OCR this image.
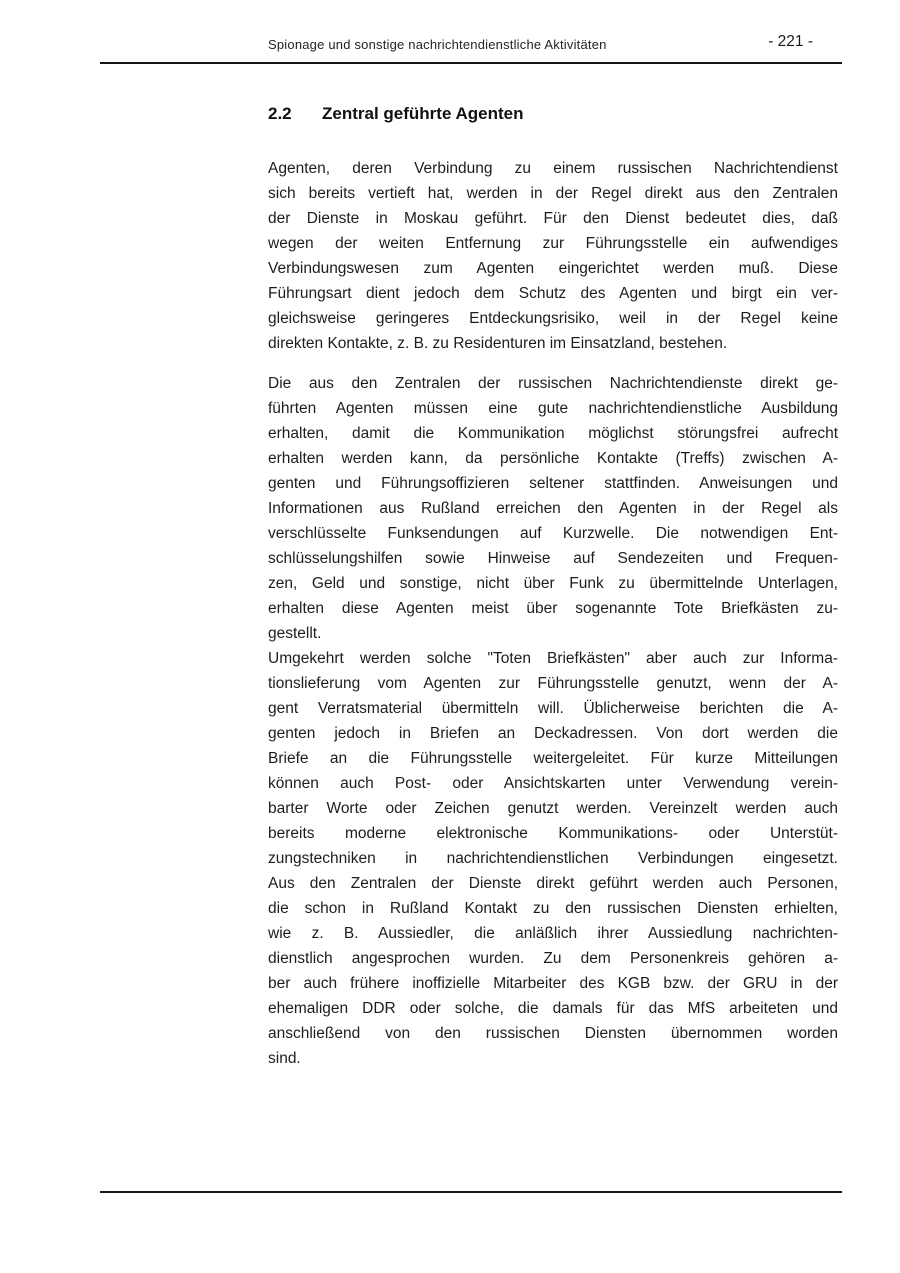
Spionage und sonstige nachrichtendienstliche Aktivitäten	- 221 -
2.2 Zentral geführte Agenten
Agenten, deren Verbindung zu einem russischen Nachrichtendienst
sich bereits vertieft hat, werden in der Regel direkt aus den Zentralen
der Dienste in Moskau geführt. Für den Dienst bedeutet dies, daß
wegen der weiten Entfernung zur Führungsstelle ein aufwendiges
Verbindungswesen zum Agenten eingerichtet werden muß. Diese
Führungsart dient jedoch dem Schutz des Agenten und birgt ein ver-
gleichsweise geringeres Entdeckungsrisiko, weil in der Regel keine
direkten Kontakte, z. B. zu Residenturen im Einsatzland, bestehen.
Die aus den Zentralen der russischen Nachrichtendienste direkt ge-
führten Agenten müssen eine gute nachrichtendienstliche Ausbildung
erhalten, damit die Kommunikation möglichst störungsfrei aufrecht
erhalten werden kann, da persönliche Kontakte (Treffs) zwischen A-
genten und Führungsoffizieren seltener stattfinden. Anweisungen und
Informationen aus Rußland erreichen den Agenten in der Regel als
verschlüsselte Funksendungen auf Kurzwelle. Die notwendigen Ent-
schlüsselungshilfen sowie Hinweise auf Sendezeiten und Frequen-
zen, Geld und sonstige, nicht über Funk zu übermittelnde Unterlagen,
erhalten diese Agenten meist über sogenannte Tote Briefkästen zu-
gestellt.
Umgekehrt werden solche "Toten Briefkästen" aber auch zur Informa-
tionslieferung vom Agenten zur Führungsstelle genutzt, wenn der A-
gent Verratsmaterial übermitteln will. Üblicherweise berichten die A-
genten jedoch in Briefen an Deckadressen. Von dort werden die
Briefe an die Führungsstelle weitergeleitet. Für kurze Mitteilungen
können auch Post- oder Ansichtskarten unter Verwendung verein-
barter Worte oder Zeichen genutzt werden. Vereinzelt werden auch
bereits moderne elektronische Kommunikations- oder Unterstüt-
zungstechniken in nachrichtendienstlichen Verbindungen eingesetzt.
Aus den Zentralen der Dienste direkt geführt werden auch Personen,
die schon in Rußland Kontakt zu den russischen Diensten erhielten,
wie z. B. Aussiedler, die anläßlich ihrer Aussiedlung nachrichten-
dienstlich angesprochen wurden. Zu dem Personenkreis gehören a-
ber auch frühere inoffizielle Mitarbeiter des KGB bzw. der GRU in der
ehemaligen DDR oder solche, die damals für das MfS arbeiteten und
anschließend von den russischen Diensten übernommen worden
sind.
